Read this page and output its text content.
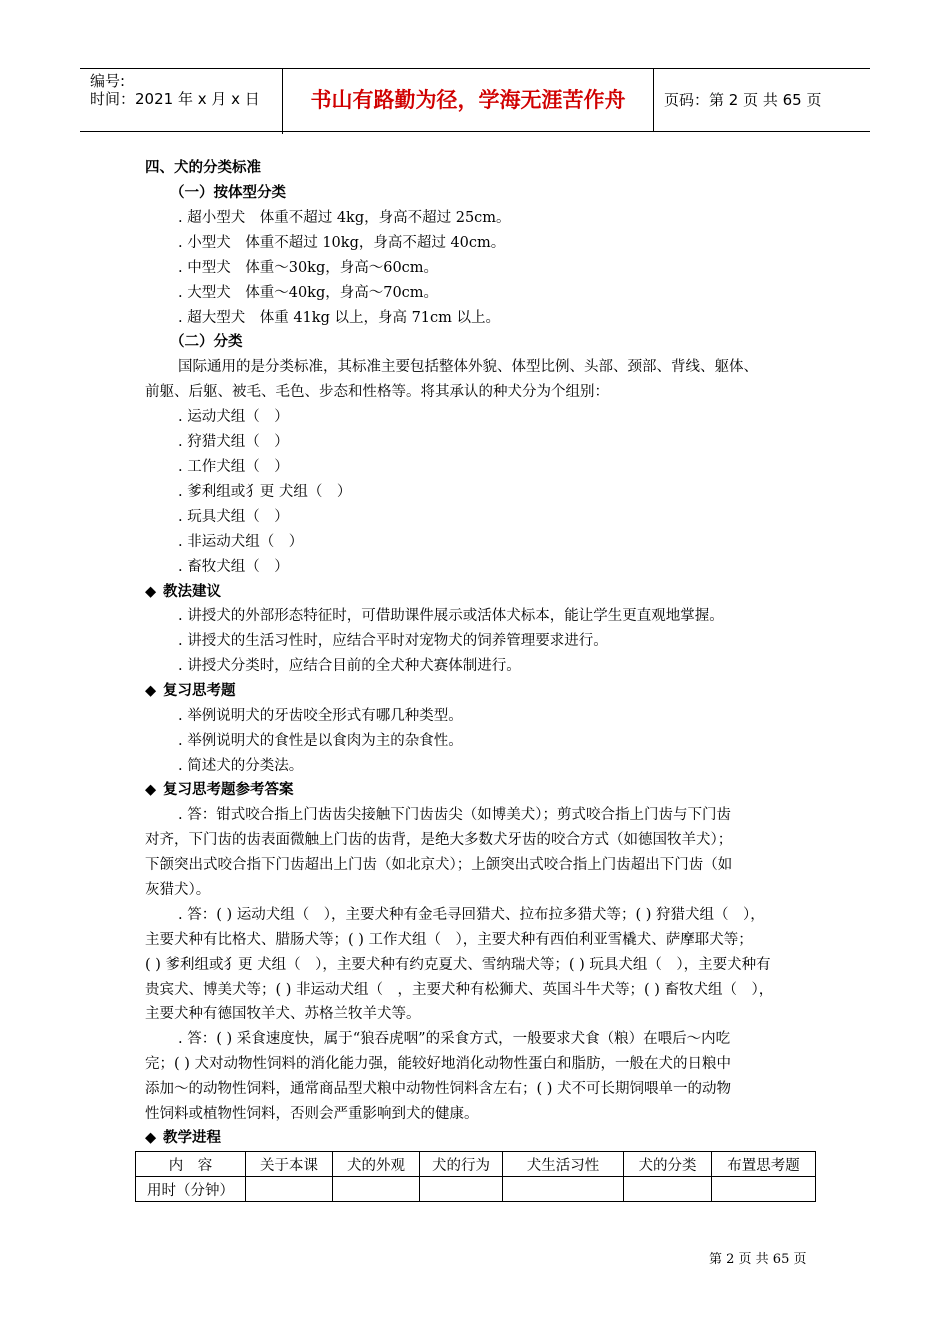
编号:
时间：2021 年 x 月 x 日	书山有路勤为径，学海无涯苦作舟	页码：第 2 页 共 65 页
四、犬的分类标准
（一）按体型分类
. 超小型犬　体重不超过 4kg，身高不超过 25cm。
. 小型犬　体重不超过 10kg，身高不超过 40cm。
. 中型犬　体重～30kg，身高～60cm。
. 大型犬　体重～40kg，身高～70cm。
. 超大型犬　体重 41kg 以上，身高 71cm 以上。
（二）分类
国际通用的是分类标准，其标准主要包括整体外貌、体型比例、头部、颈部、背线、躯体、
前躯、后躯、被毛、毛色、步态和性格等。将其承认的种犬分为个组别：
. 运动犬组（　）
. 狩猎犬组（　）
. 工作犬组（　）
. 爹利组或犭更 犬组（　）
. 玩具犬组（　）
. 非运动犬组（　）
. 畜牧犬组（　）
◆ 教法建议
. 讲授犬的外部形态特征时，可借助课件展示或活体犬标本，能让学生更直观地掌握。
. 讲授犬的生活习性时，应结合平时对宠物犬的饲养管理要求进行。
. 讲授犬分类时，应结合目前的全犬种犬赛体制进行。
◆ 复习思考题
. 举例说明犬的牙齿咬全形式有哪几种类型。
. 举例说明犬的食性是以食肉为主的杂食性。
. 简述犬的分类法。
◆ 复习思考题参考答案
. 答：钳式咬合指上门齿齿尖接触下门齿齿尖（如博美犬）；剪式咬合指上门齿与下门齿
对齐，下门齿的齿表面微触上门齿的齿背，是绝大多数犬牙齿的咬合方式（如德国牧羊犬）；
下颌突出式咬合指下门齿超出上门齿（如北京犬）；上颌突出式咬合指上门齿超出下门齿（如
灰猎犬）。
. 答：( ) 运动犬组（　），主要犬种有金毛寻回猎犬、拉布拉多猎犬等；( ) 狩猎犬组（　），
主要犬种有比格犬、腊肠犬等；( ) 工作犬组（　），主要犬种有西伯利亚雪橇犬、萨摩耶犬等；
( ) 爹利组或犭更 犬组（　），主要犬种有约克夏犬、雪纳瑞犬等；( ) 玩具犬组（　），主要犬种有
贵宾犬、博美犬等；( ) 非运动犬组（　，主要犬种有松狮犬、英国斗牛犬等；( ) 畜牧犬组（　），
主要犬种有德国牧羊犬、苏格兰牧羊犬等。
. 答：( ) 采食速度快，属于“狼吞虎咽”的采食方式，一般要求犬食（粮）在喂后～内吃
完；( ) 犬对动物性饲料的消化能力强，能较好地消化动物性蛋白和脂肪，一般在犬的日粮中
添加～的动物性饲料，通常商品型犬粮中动物性饲料含左右；( ) 犬不可长期饲喂单一的动物
性饲料或植物性饲料，否则会严重影响到犬的健康。
◆ 教学进程
内　容	关于本课	犬的外观	犬的行为	犬生活习性	犬的分类	布置思考题
用时（分钟）						
第 2 页 共 65 页
